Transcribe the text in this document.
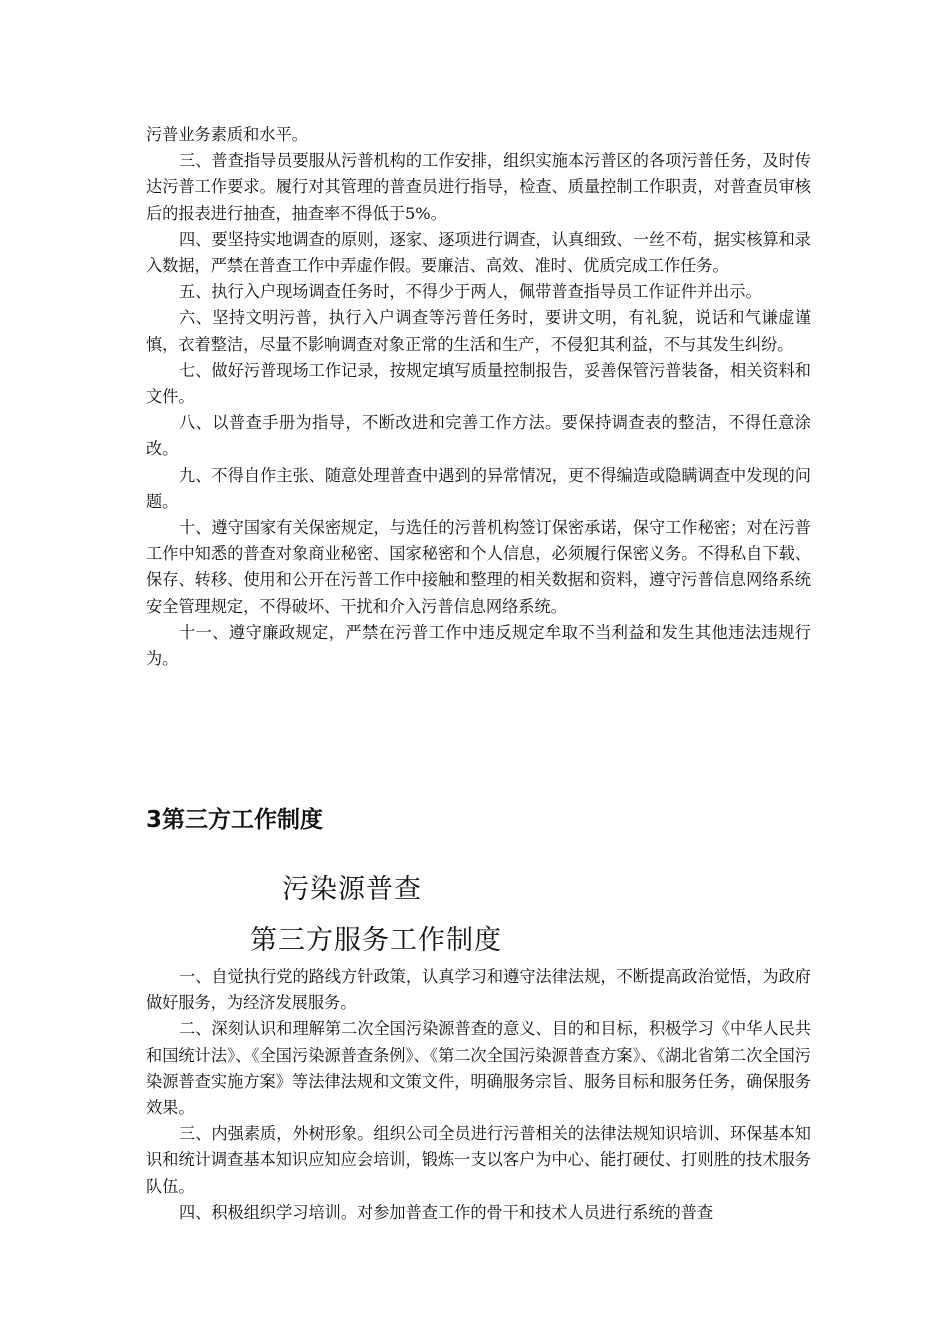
污普业务素质和水平。

三、普查指导员要服从污普机构的工作安排，组织实施本污普区的各项污普任务，及时传达污普工作要求。履行对其管理的普查员进行指导，检查、质量控制工作职责，对普查员审核后的报表进行抽查，抽查率不得低于5%。

四、要坚持实地调查的原则，逐家、逐项进行调查，认真细致、一丝不苟，据实核算和录入数据，严禁在普查工作中弄虚作假。要廉洁、高效、准时、优质完成工作任务。

五、执行入户现场调查任务时，不得少于两人，佩带普查指导员工作证件并出示。

六、坚持文明污普，执行入户调查等污普任务时，要讲文明，有礼貌，说话和气谦虚谨慎，衣着整洁，尽量不影响调查对象正常的生活和生产，不侵犯其利益，不与其发生纠纷。

七、做好污普现场工作记录，按规定填写质量控制报告，妥善保管污普装备，相关资料和文件。

八、以普查手册为指导，不断改进和完善工作方法。要保持调查表的整洁，不得任意涂改。

九、不得自作主张、随意处理普查中遇到的异常情况，更不得编造或隐瞒调查中发现的问题。

十、遵守国家有关保密规定，与选任的污普机构签订保密承诺，保守工作秘密；对在污普工作中知悉的普查对象商业秘密、国家秘密和个人信息，必须履行保密义务。不得私自下载、保存、转移、使用和公开在污普工作中接触和整理的相关数据和资料，遵守污普信息网络系统安全管理规定，不得破坏、干扰和介入污普信息网络系统。

十一、遵守廉政规定，严禁在污普工作中违反规定牟取不当利益和发生其他违法违规行为。

3第三方工作制度
污染源普查
第三方服务工作制度

一、自觉执行党的路线方针政策，认真学习和遵守法律法规，不断提高政治觉悟，为政府做好服务，为经济发展服务。

二、深刻认识和理解第二次全国污染源普查的意义、目的和目标，积极学习《中华人民共和国统计法》、《全国污染源普查条例》、《第二次全国污染源普查方案》、《湖北省第二次全国污染源普查实施方案》等法律法规和文策文件，明确服务宗旨、服务目标和服务任务，确保服务效果。

三、内强素质，外树形象。组织公司全员进行污普相关的法律法规知识培训、环保基本知识和统计调查基本知识应知应会培训，锻炼一支以客户为中心、能打硬仗、打则胜的技术服务队伍。

四、积极组织学习培训。对参加普查工作的骨干和技术人员进行系统的普查
